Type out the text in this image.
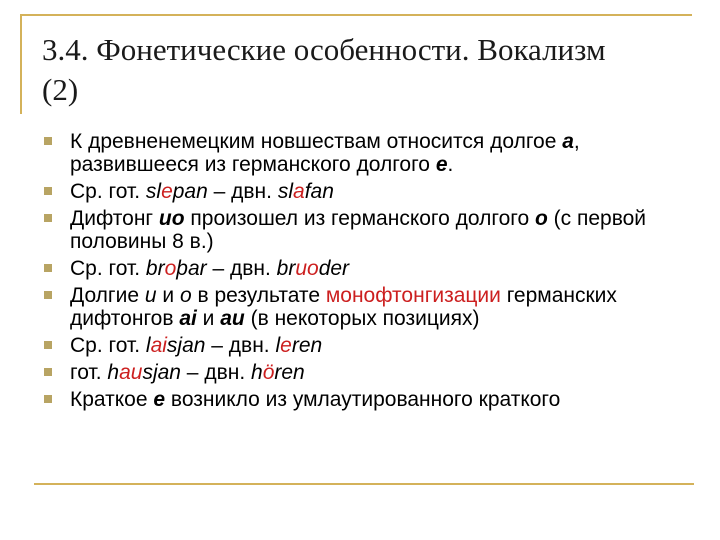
3.4. Фонетические особенности. Вокализм
(2)
К древненемецким новшествам относится долгое a, развившееся из германского долгого e.
Ср. гот. slepan – двн. slafan
Дифтонг uo произошел из германского долгого o (с первой половины 8 в.)
Ср. гот. broþar – двн. bruoder
Долгие u и o в результате монофтонгизации германских дифтонгов ai и au (в некоторых позициях)
Ср. гот. laisjan – двн. leren
гот. hausjan – двн. hören
Краткое e возникло из умлаутированного краткого
